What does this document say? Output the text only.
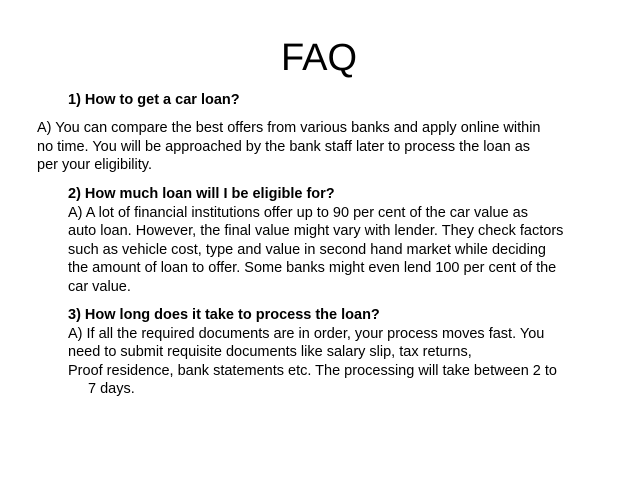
FAQ
1) How to get a car loan?
A) You can compare the best offers from various banks and apply online within
no time. You will be approached by the bank staff later to process the loan as
per your eligibility.
2) How much loan will I be eligible for?
A) A lot of financial institutions offer up to 90 per cent of the car value as
auto loan. However, the final value might vary with lender. They check factors
such as vehicle cost, type and value in second hand market while deciding
the amount of loan to offer. Some banks might even lend 100 per cent of the
car value.
3) How long does it take to process the loan?
A) If all the required documents are in order, your process moves fast. You
need to submit requisite documents like salary slip, tax returns,
Proof residence, bank statements etc. The processing will take between 2 to
7 days.
